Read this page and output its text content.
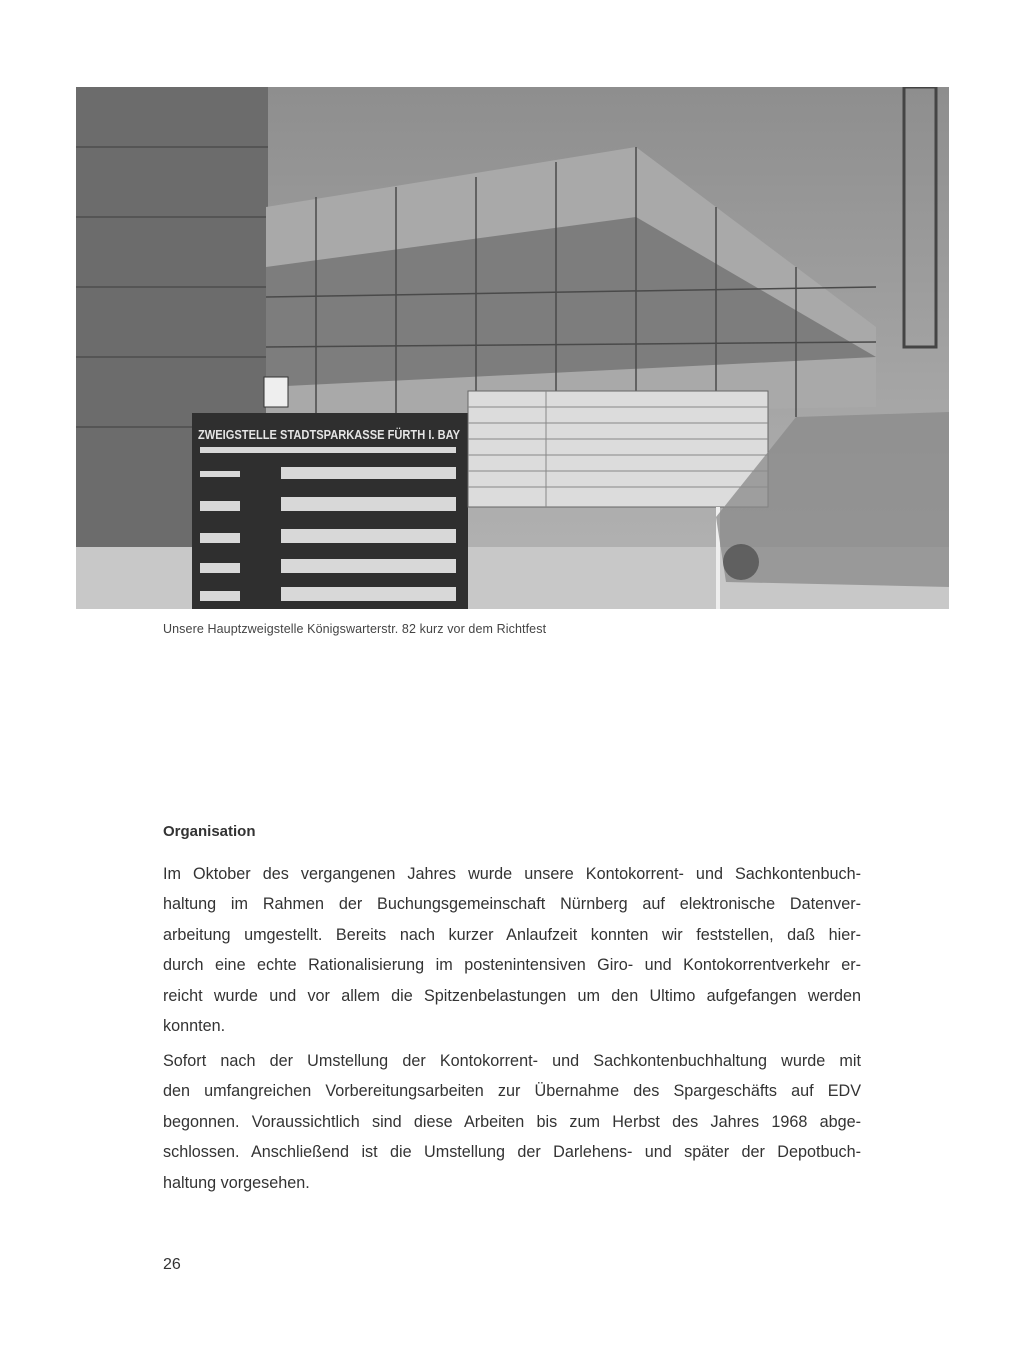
ZWEIGSTELLE STADTSPARKASSE FÜRTH I. BAY
Unsere Hauptzweigstelle Königswarterstr. 82 kurz vor dem Richtfest
Organisation
Im Oktober des vergangenen Jahres wurde unsere Kontokorrent- und Sachkontenbuch-
haltung im Rahmen der Buchungsgemeinschaft Nürnberg auf elektronische Datenver-
arbeitung umgestellt. Bereits nach kurzer Anlaufzeit konnten wir feststellen, daß hier-
durch eine echte Rationalisierung im postenintensiven Giro- und Kontokorrentverkehr er-
reicht wurde und vor allem die Spitzenbelastungen um den Ultimo aufgefangen werden
konnten.
Sofort nach der Umstellung der Kontokorrent- und Sachkontenbuchhaltung wurde mit
den umfangreichen Vorbereitungsarbeiten zur Übernahme des Spargeschäfts auf EDV
begonnen. Voraussichtlich sind diese Arbeiten bis zum Herbst des Jahres 1968 abge-
schlossen. Anschließend ist die Umstellung der Darlehens- und später der Depotbuch-
haltung vorgesehen.
26
